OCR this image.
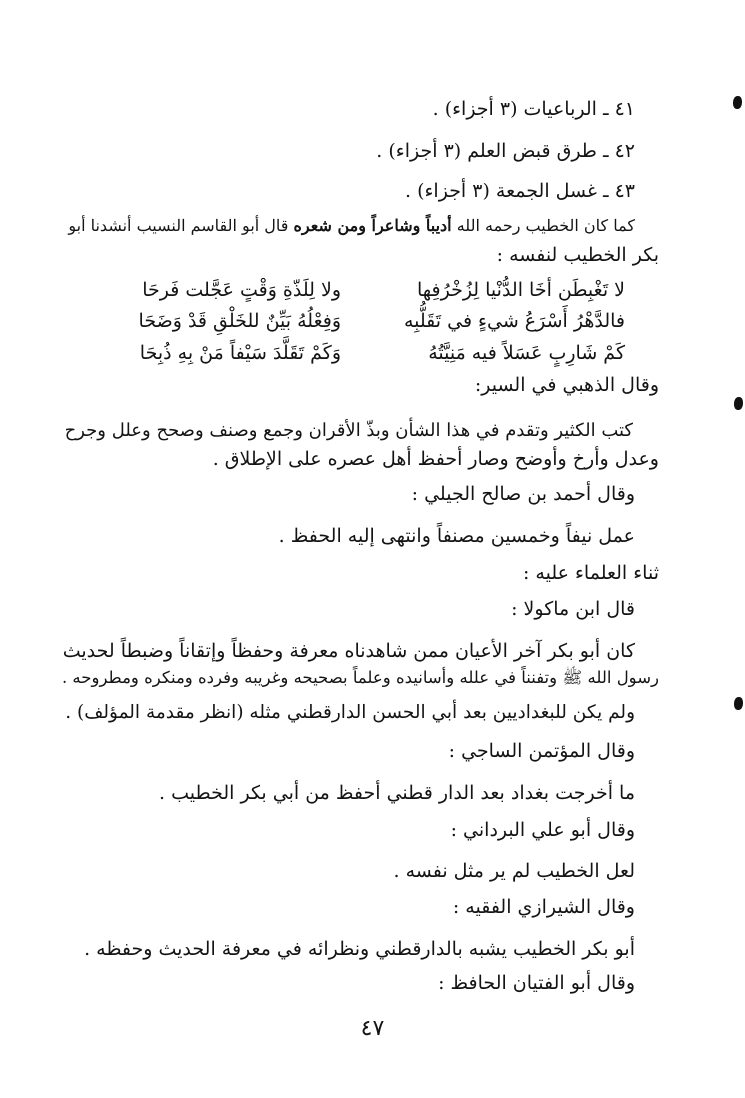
٤١ ـ الرباعيات (٣ أجزاء) .
٤٢ ـ طرق قبض العلم (٣ أجزاء) .
٤٣ ـ غسل الجمعة (٣ أجزاء) .
كما كان الخطيب رحمه الله أديباً وشاعراً ومن شعره قال أبو القاسم النسيب أنشدنا أبو
بكر الخطيب لنفسه :
لا تَغْبِطَن أخَا الدُّنْيا لِزُخْرُفِها
ولا لِلَذّةِ وَقْتٍ عَجَّلت فَرحَا
فالدَّهْرُ أَسْرَعُ شيءٍ في تَقَلُّبِه
وَفِعْلُهُ بَيِّنٌ للخَلْقِ قَدْ وَضَحَا
كَمْ شَارِبٍ عَسَلاً فيه مَنِيَّتُهُ
وَكَمْ تَقَلَّدَ سَيْفاً مَنْ بِهِ ذُبِحَا
وقال الذهبي في السير:
كتب الكثير وتقدم في هذا الشأن وبذّ الأقران وجمع وصنف وصحح وعلل وجرح
وعدل وأرخ وأوضح وصار أحفظ أهل عصره على الإطلاق .
وقال أحمد بن صالح الجيلي :
عمل نيفاً وخمسين مصنفاً وانتهى إليه الحفظ .
ثناء العلماء عليه :
قال ابن ماكولا :
كان أبو بكر آخر الأعيان ممن شاهدناه معرفة وحفظاً وإتقاناً وضبطاً لحديث
رسول الله ﷺ وتفنناً في علله وأسانيده وعلماً بصحيحه وغريبه وفرده ومنكره ومطروحه .
ولم يكن للبغداديين بعد أبي الحسن الدارقطني مثله (انظر مقدمة المؤلف) .
وقال المؤتمن الساجي :
ما أخرجت بغداد بعد الدار قطني أحفظ من أبي بكر الخطيب .
وقال أبو علي البرداني :
لعل الخطيب لم ير مثل نفسه .
وقال الشيرازي الفقيه :
أبو بكر الخطيب يشبه بالدارقطني ونظرائه في معرفة الحديث وحفظه .
وقال أبو الفتيان الحافظ :
٤٧
